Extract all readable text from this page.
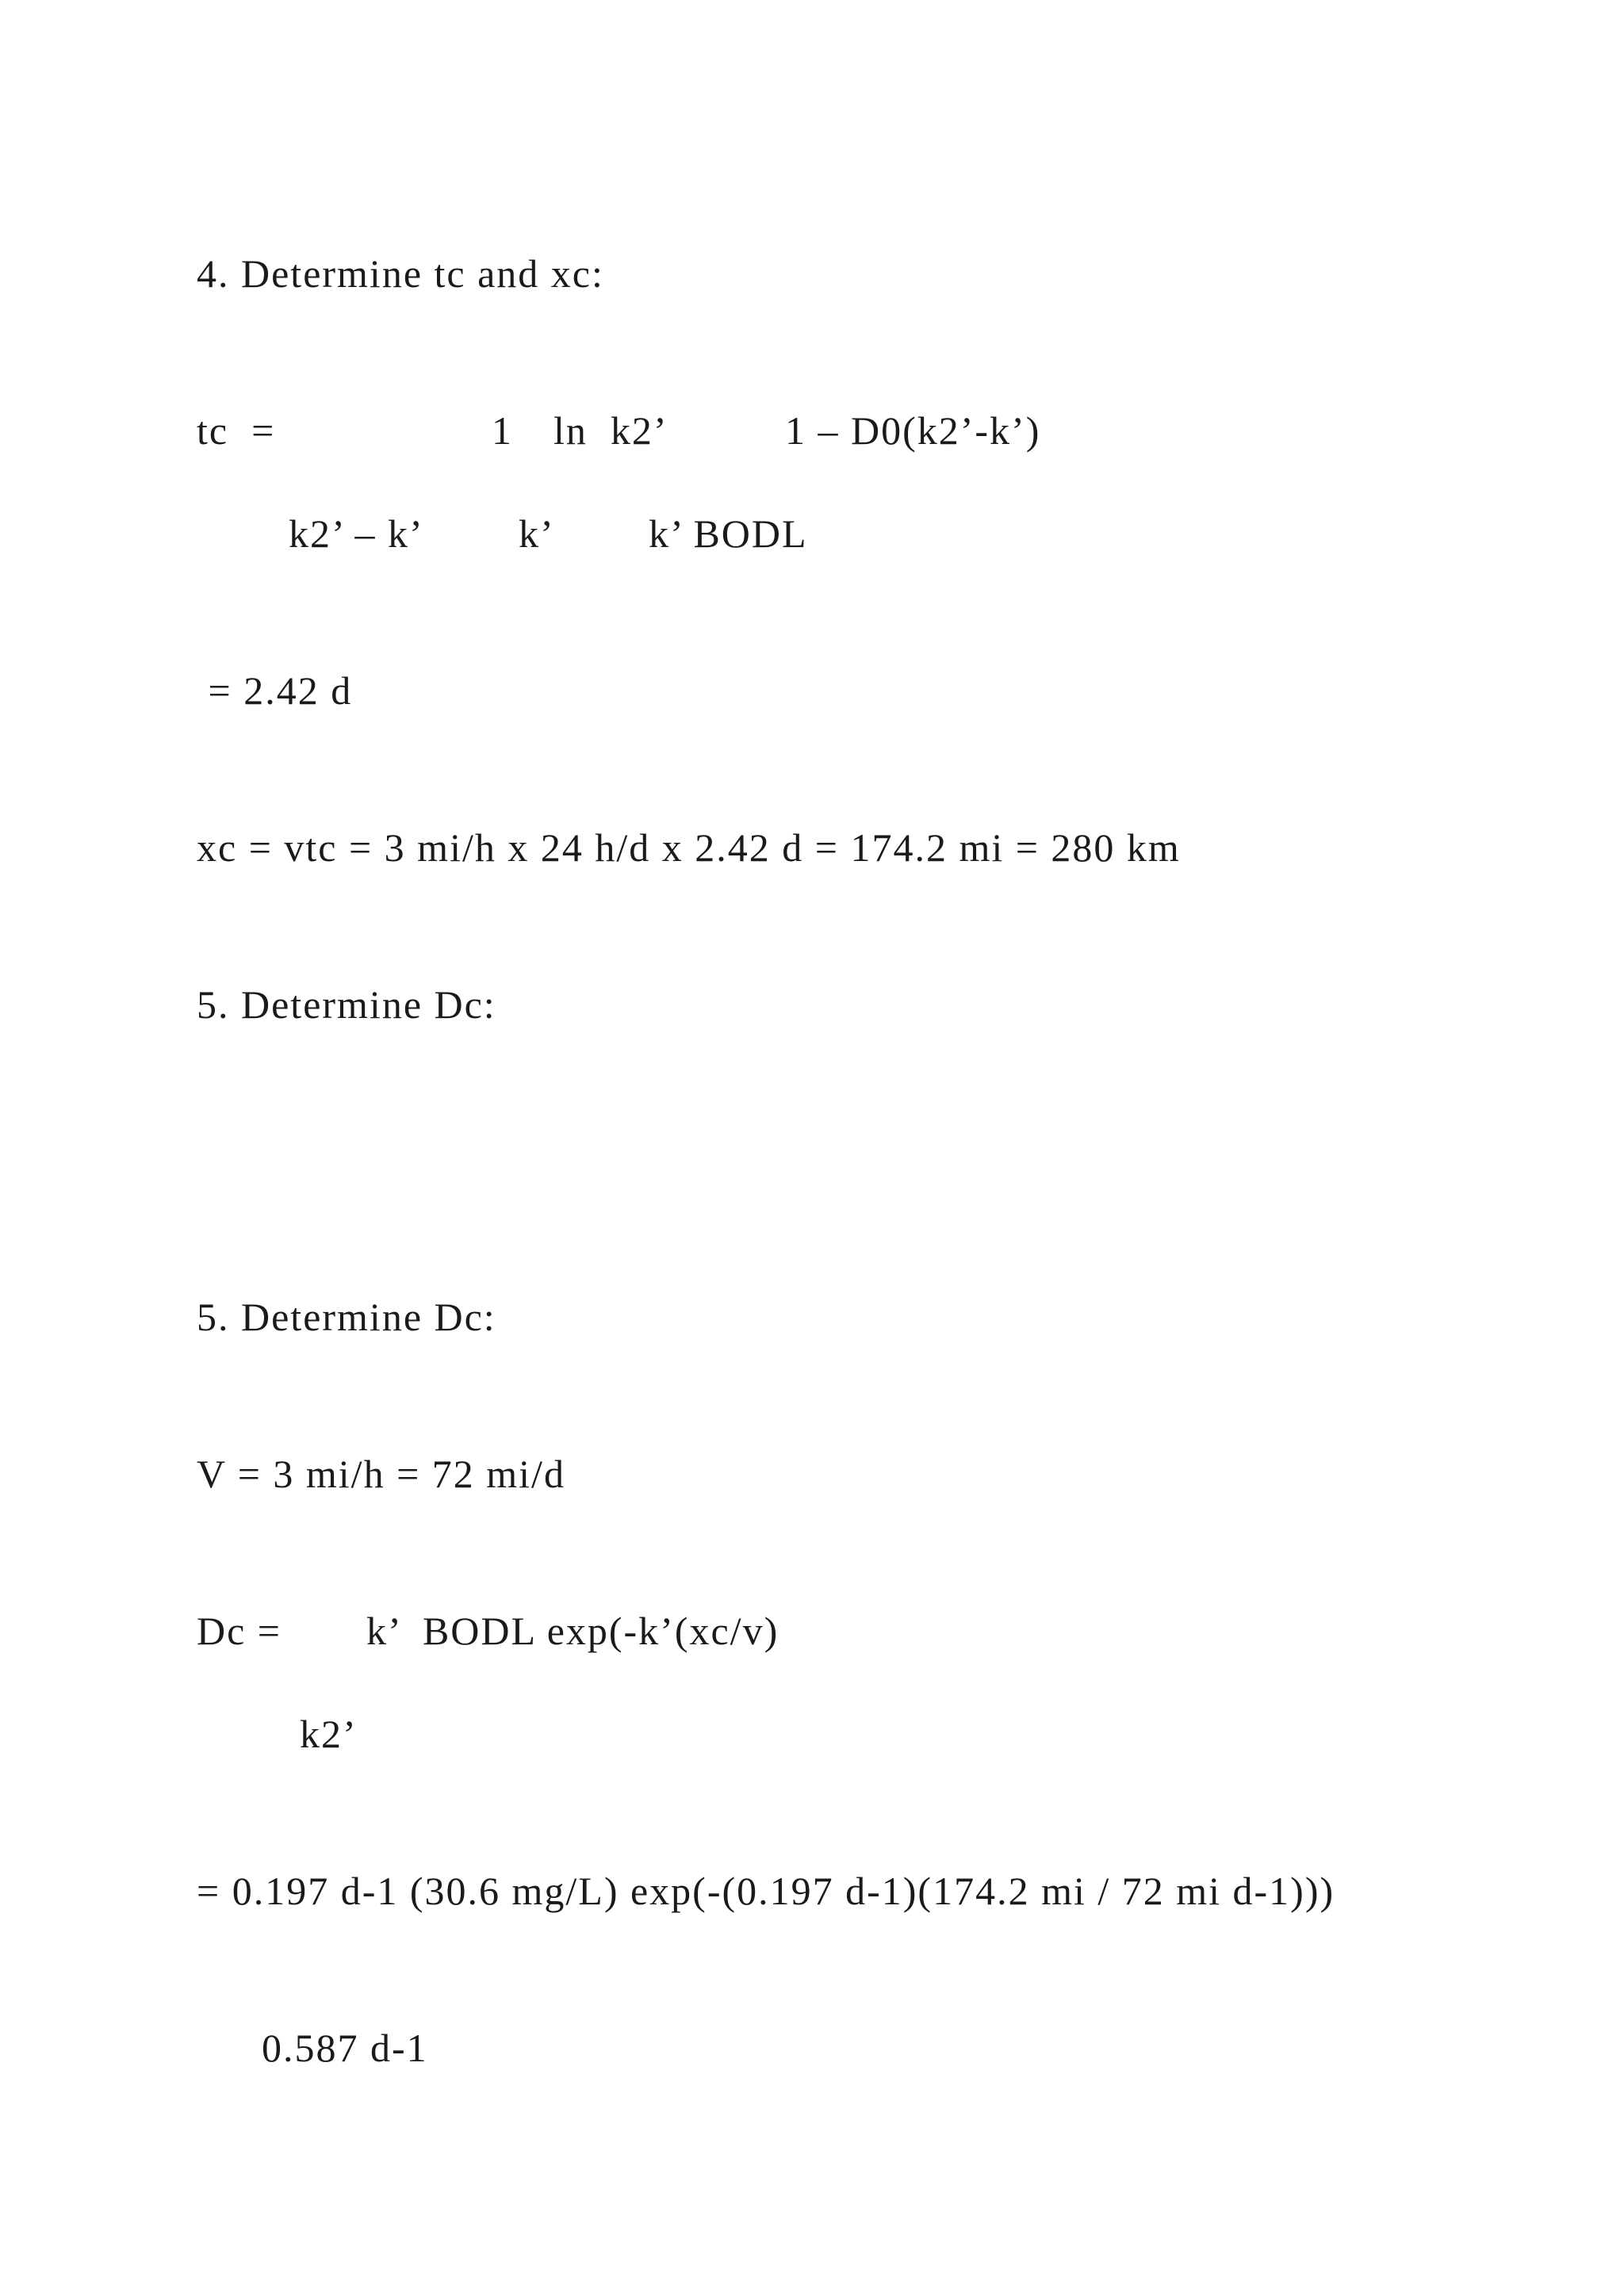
4. Determine tc and xc:
tc  =	1 ln  k2’	1 – D0(k2’-k’)
k2’ – k’ k’ k’ BODL
= 2.42 d
xc = vtc = 3 mi/h x 24 h/d x 2.42 d = 174.2 mi = 280 km
5. Determine Dc:
5. Determine Dc:
V = 3 mi/h = 72 mi/d
Dc = k’  BODL exp(-k’(xc/v)
k2’
= 0.197 d-1 (30.6 mg/L) exp(-(0.197 d-1)(174.2 mi / 72 mi d-1)))
0.587 d-1
